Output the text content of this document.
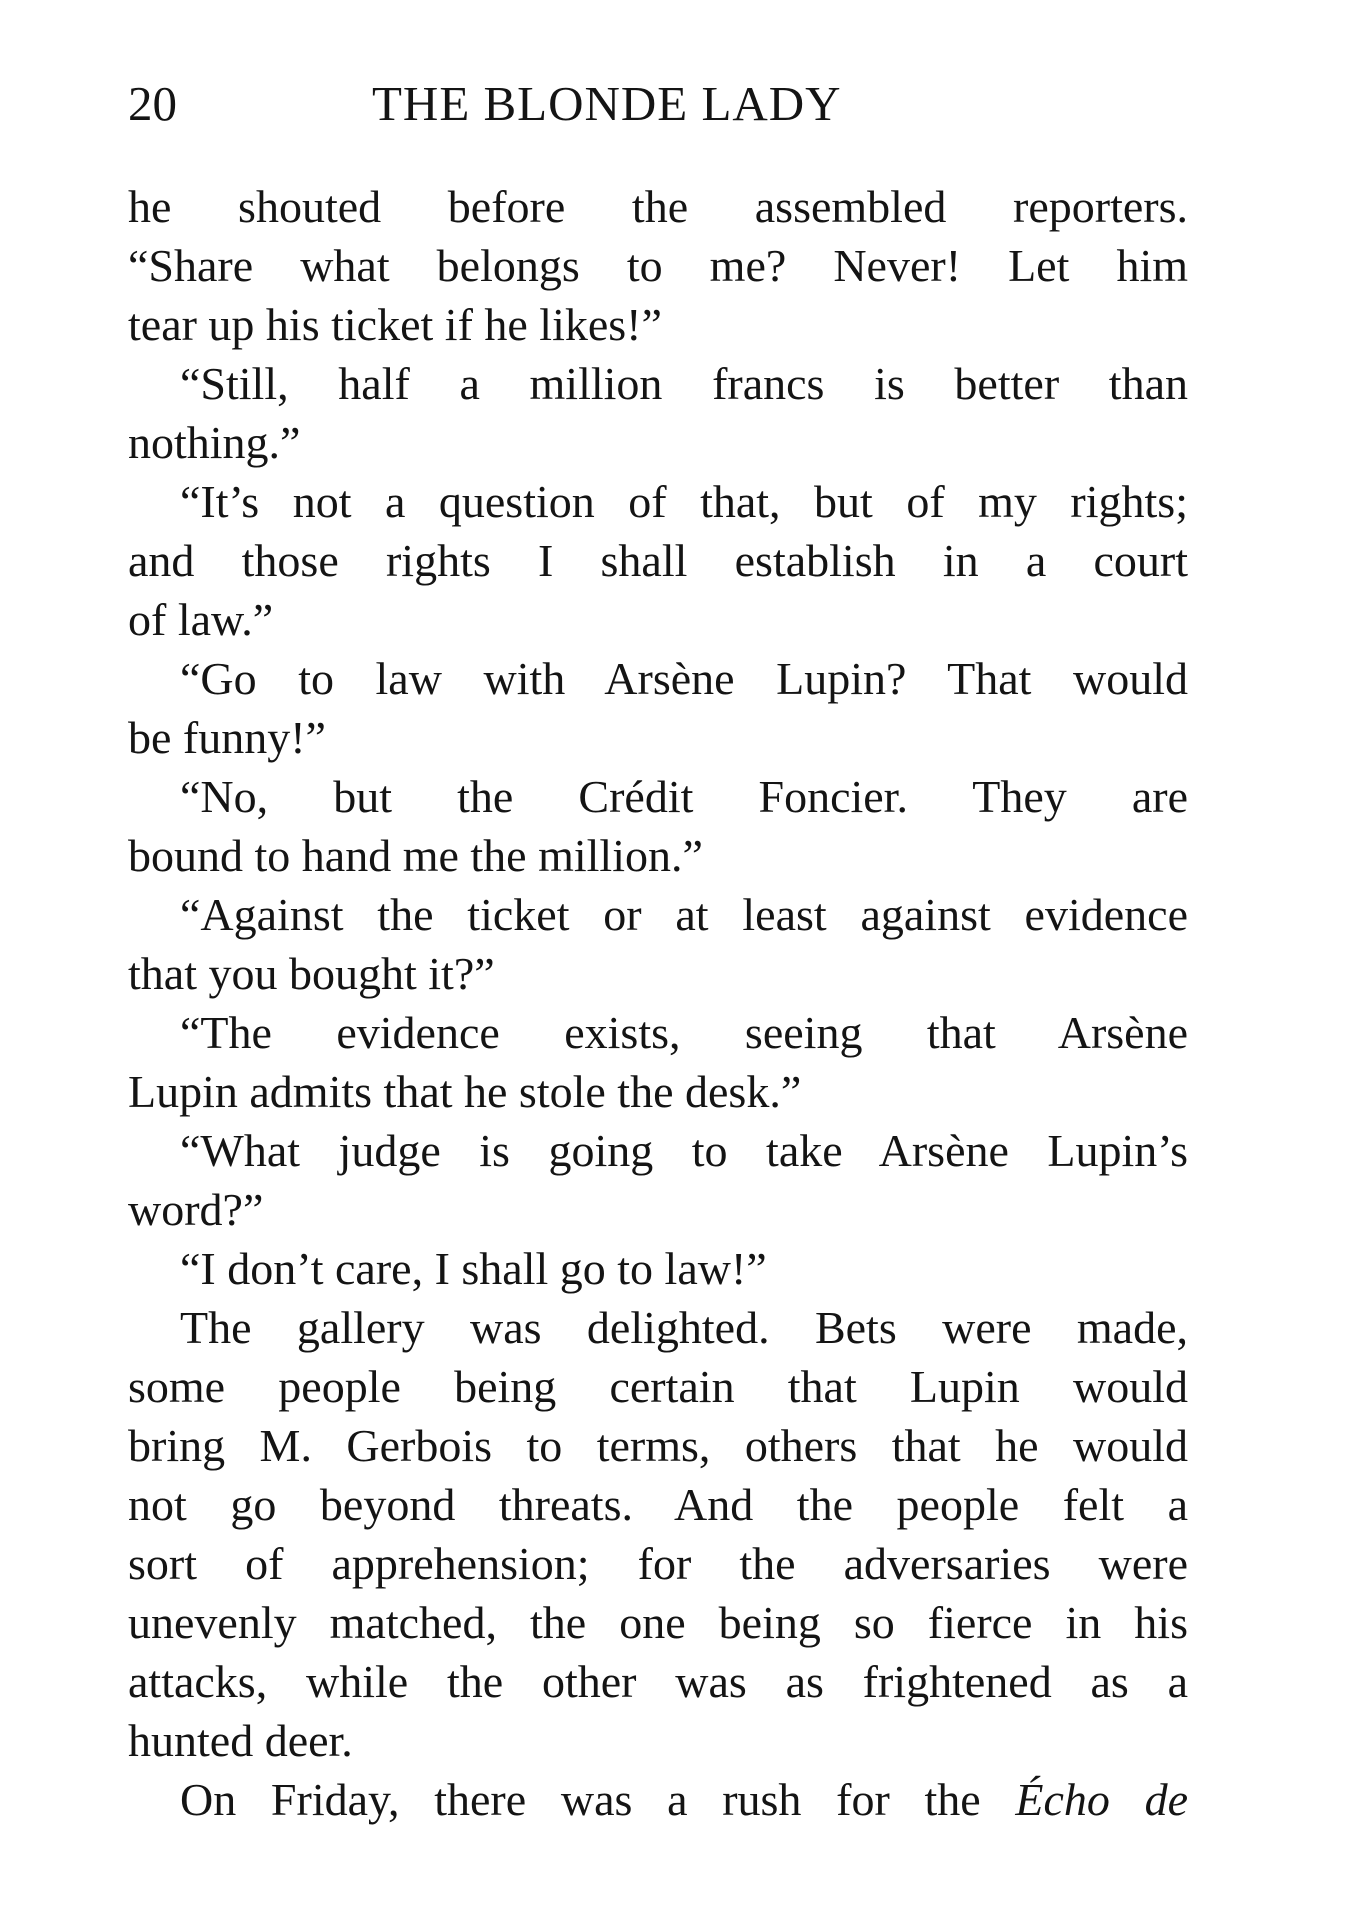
20	THE BLONDE LADY
he shouted before the assembled reporters.
“Share what belongs to me? Never! Let him
tear up his ticket if he likes!”
“Still, half a million francs is better than
nothing.”
“It’s not a question of that, but of my rights;
and those rights I shall establish in a court
of law.”
“Go to law with Arsène Lupin? That would
be funny!”
“No, but the Crédit Foncier. They are
bound to hand me the million.”
“Against the ticket or at least against evidence
that you bought it?”
“The evidence exists, seeing that Arsène
Lupin admits that he stole the desk.”
“What judge is going to take Arsène Lupin’s
word?”
“I don’t care, I shall go to law!”
The gallery was delighted. Bets were made,
some people being certain that Lupin would
bring M. Gerbois to terms, others that he would
not go beyond threats. And the people felt a
sort of apprehension; for the adversaries were
unevenly matched, the one being so fierce in his
attacks, while the other was as frightened as a
hunted deer.
On Friday, there was a rush for the Écho de
